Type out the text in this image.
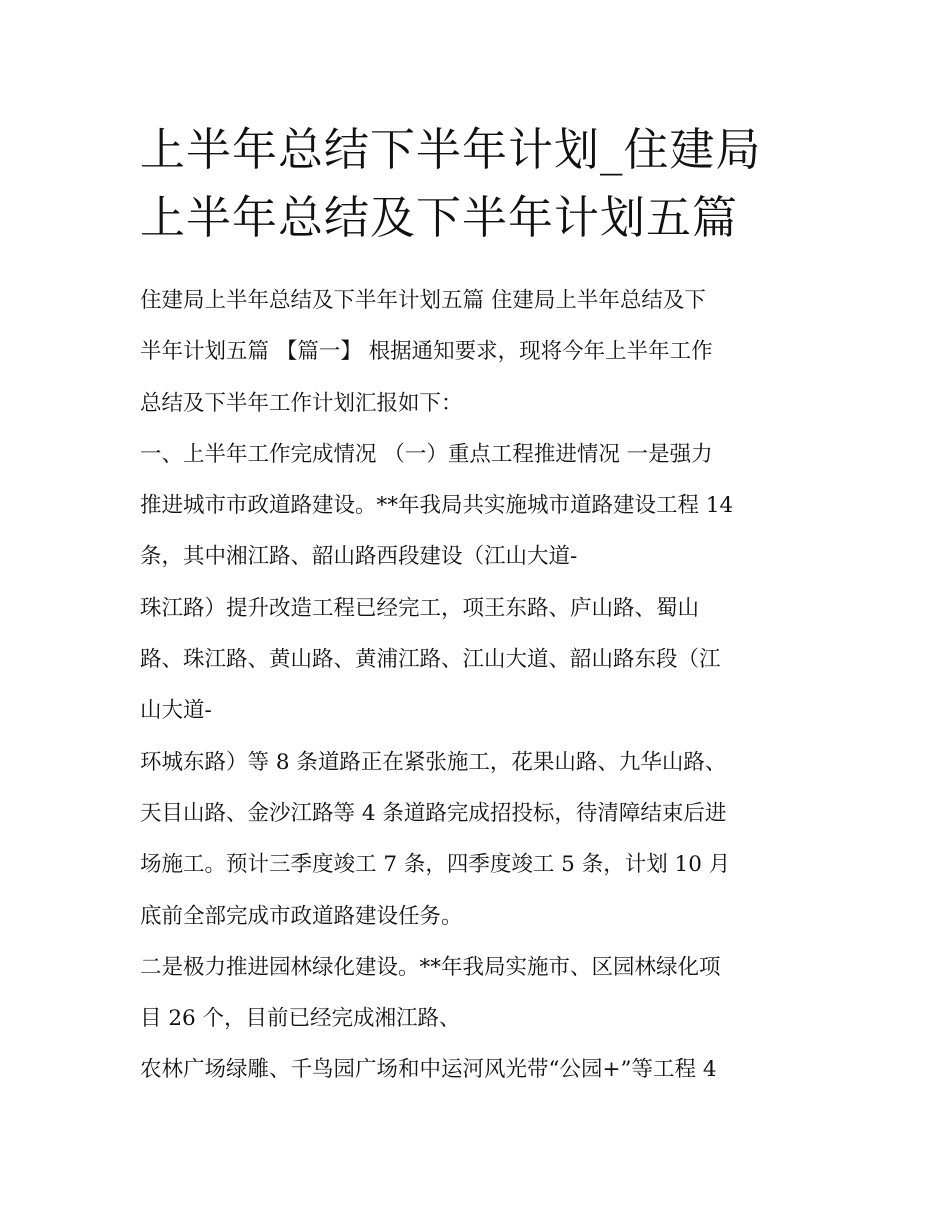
上半年总结下半年计划_住建局
上半年总结及下半年计划五篇
住建局上半年总结及下半年计划五篇 住建局上半年总结及下
半年计划五篇 【篇一】 根据通知要求，现将今年上半年工作
总结及下半年工作计划汇报如下：
一、上半年工作完成情况 （一）重点工程推进情况 一是强力
推进城市市政道路建设。**年我局共实施城市道路建设工程 14
条，其中湘江路、韶山路西段建设（江山大道-
珠江路）提升改造工程已经完工，项王东路、庐山路、蜀山
路、珠江路、黄山路、黄浦江路、江山大道、韶山路东段（江
山大道-
环城东路）等 8 条道路正在紧张施工，花果山路、九华山路、
天目山路、金沙江路等 4 条道路完成招投标，待清障结束后进
场施工。预计三季度竣工 7 条，四季度竣工 5 条，计划 10 月
底前全部完成市政道路建设任务。
二是极力推进园林绿化建设。**年我局实施市、区园林绿化项
目 26 个，目前已经完成湘江路、
农林广场绿雕、千鸟园广场和中运河风光带“公园+”等工程 4
